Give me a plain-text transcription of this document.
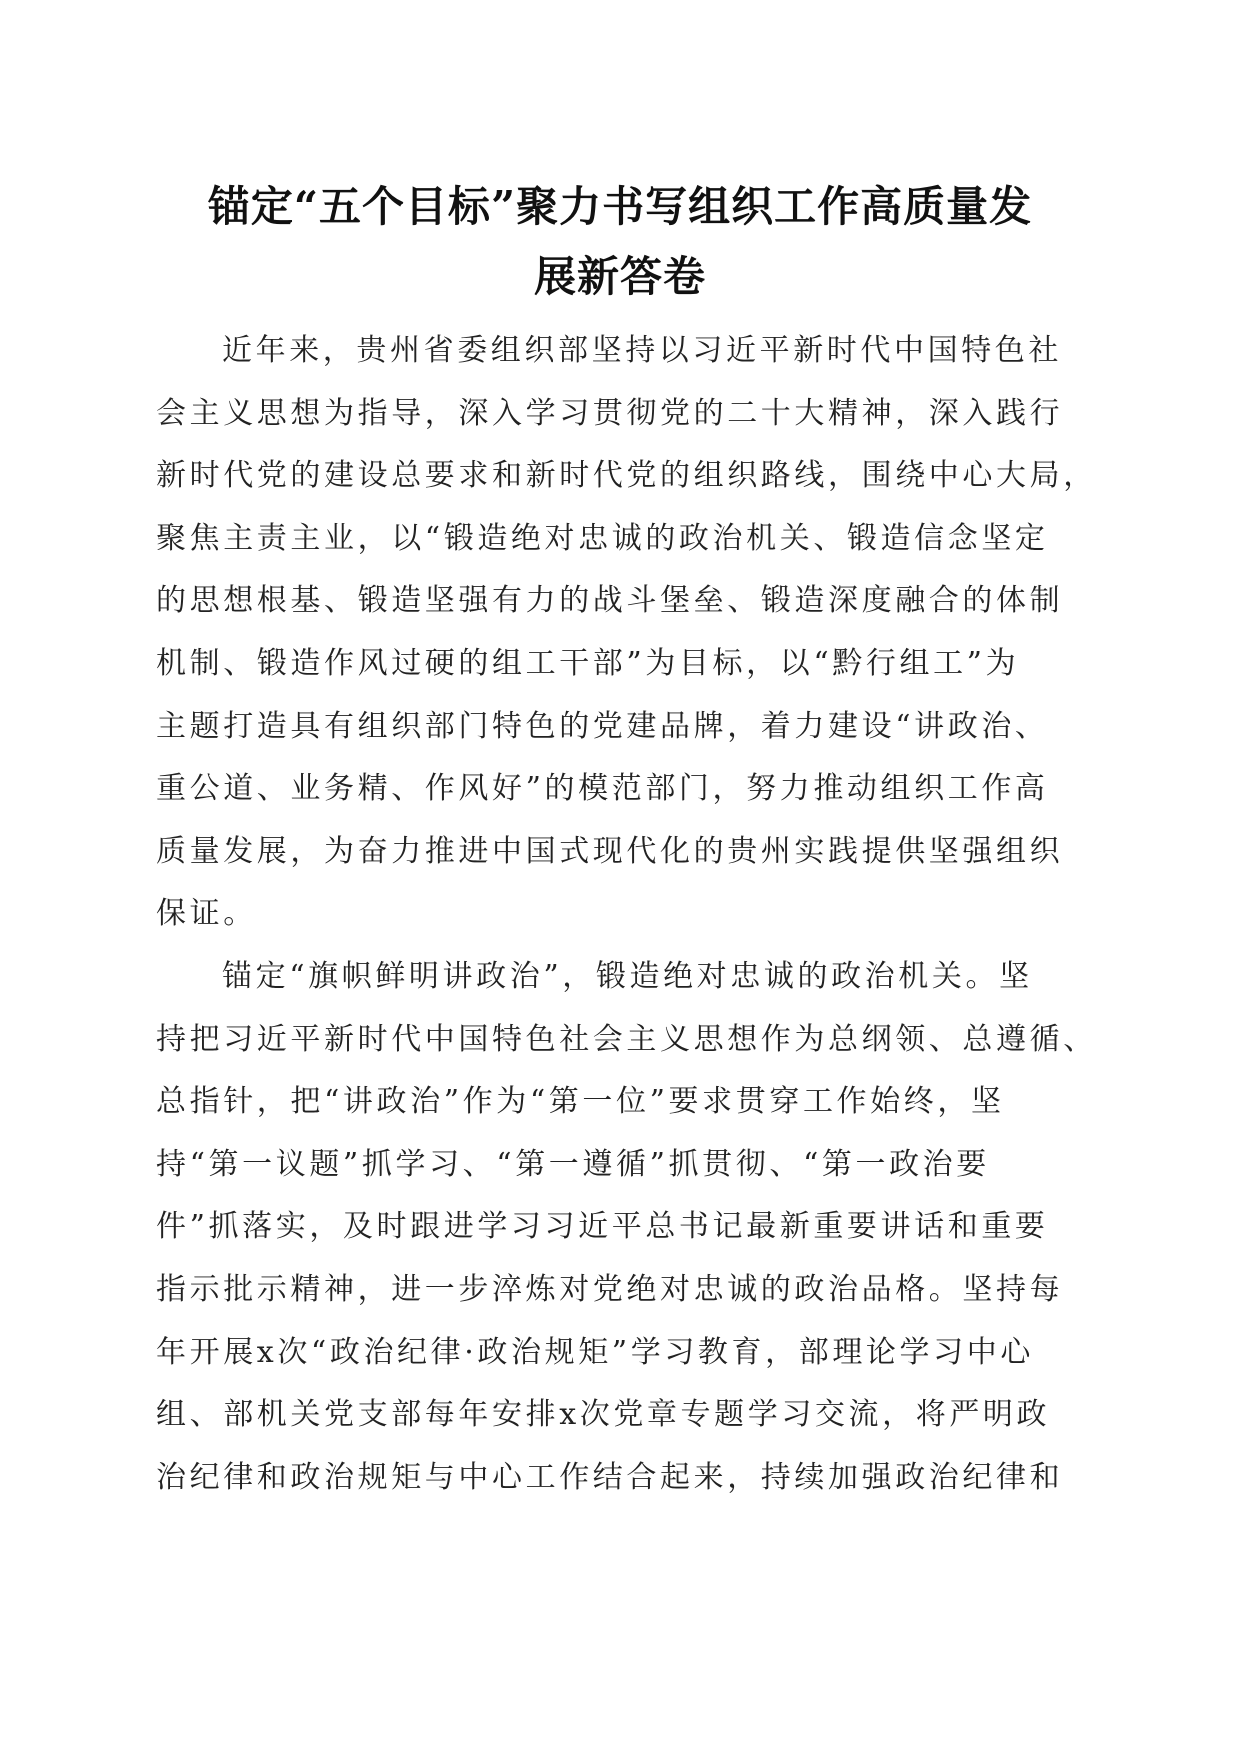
锚定“五个目标”聚力书写组织工作高质量发
展新答卷
近年来，贵州省委组织部坚持以习近平新时代中国特色社
会主义思想为指导，深入学习贯彻党的二十大精神，深入践行
新时代党的建设总要求和新时代党的组织路线，围绕中心大局，
聚焦主责主业，以“锻造绝对忠诚的政治机关、锻造信念坚定
的思想根基、锻造坚强有力的战斗堡垒、锻造深度融合的体制
机制、锻造作风过硬的组工干部”为目标，以“黔行组工”为
主题打造具有组织部门特色的党建品牌，着力建设“讲政治、
重公道、业务精、作风好”的模范部门，努力推动组织工作高
质量发展，为奋力推进中国式现代化的贵州实践提供坚强组织
保证。
锚定“旗帜鲜明讲政治”，锻造绝对忠诚的政治机关。坚
持把习近平新时代中国特色社会主义思想作为总纲领、总遵循、
总指针，把“讲政治”作为“第一位”要求贯穿工作始终，坚
持“第一议题”抓学习、“第一遵循”抓贯彻、“第一政治要
件”抓落实，及时跟进学习习近平总书记最新重要讲话和重要
指示批示精神，进一步淬炼对党绝对忠诚的政治品格。坚持每
年开展x次“政治纪律·政治规矩”学习教育，部理论学习中心
组、部机关党支部每年安排x次党章专题学习交流，将严明政
治纪律和政治规矩与中心工作结合起来，持续加强政治纪律和
